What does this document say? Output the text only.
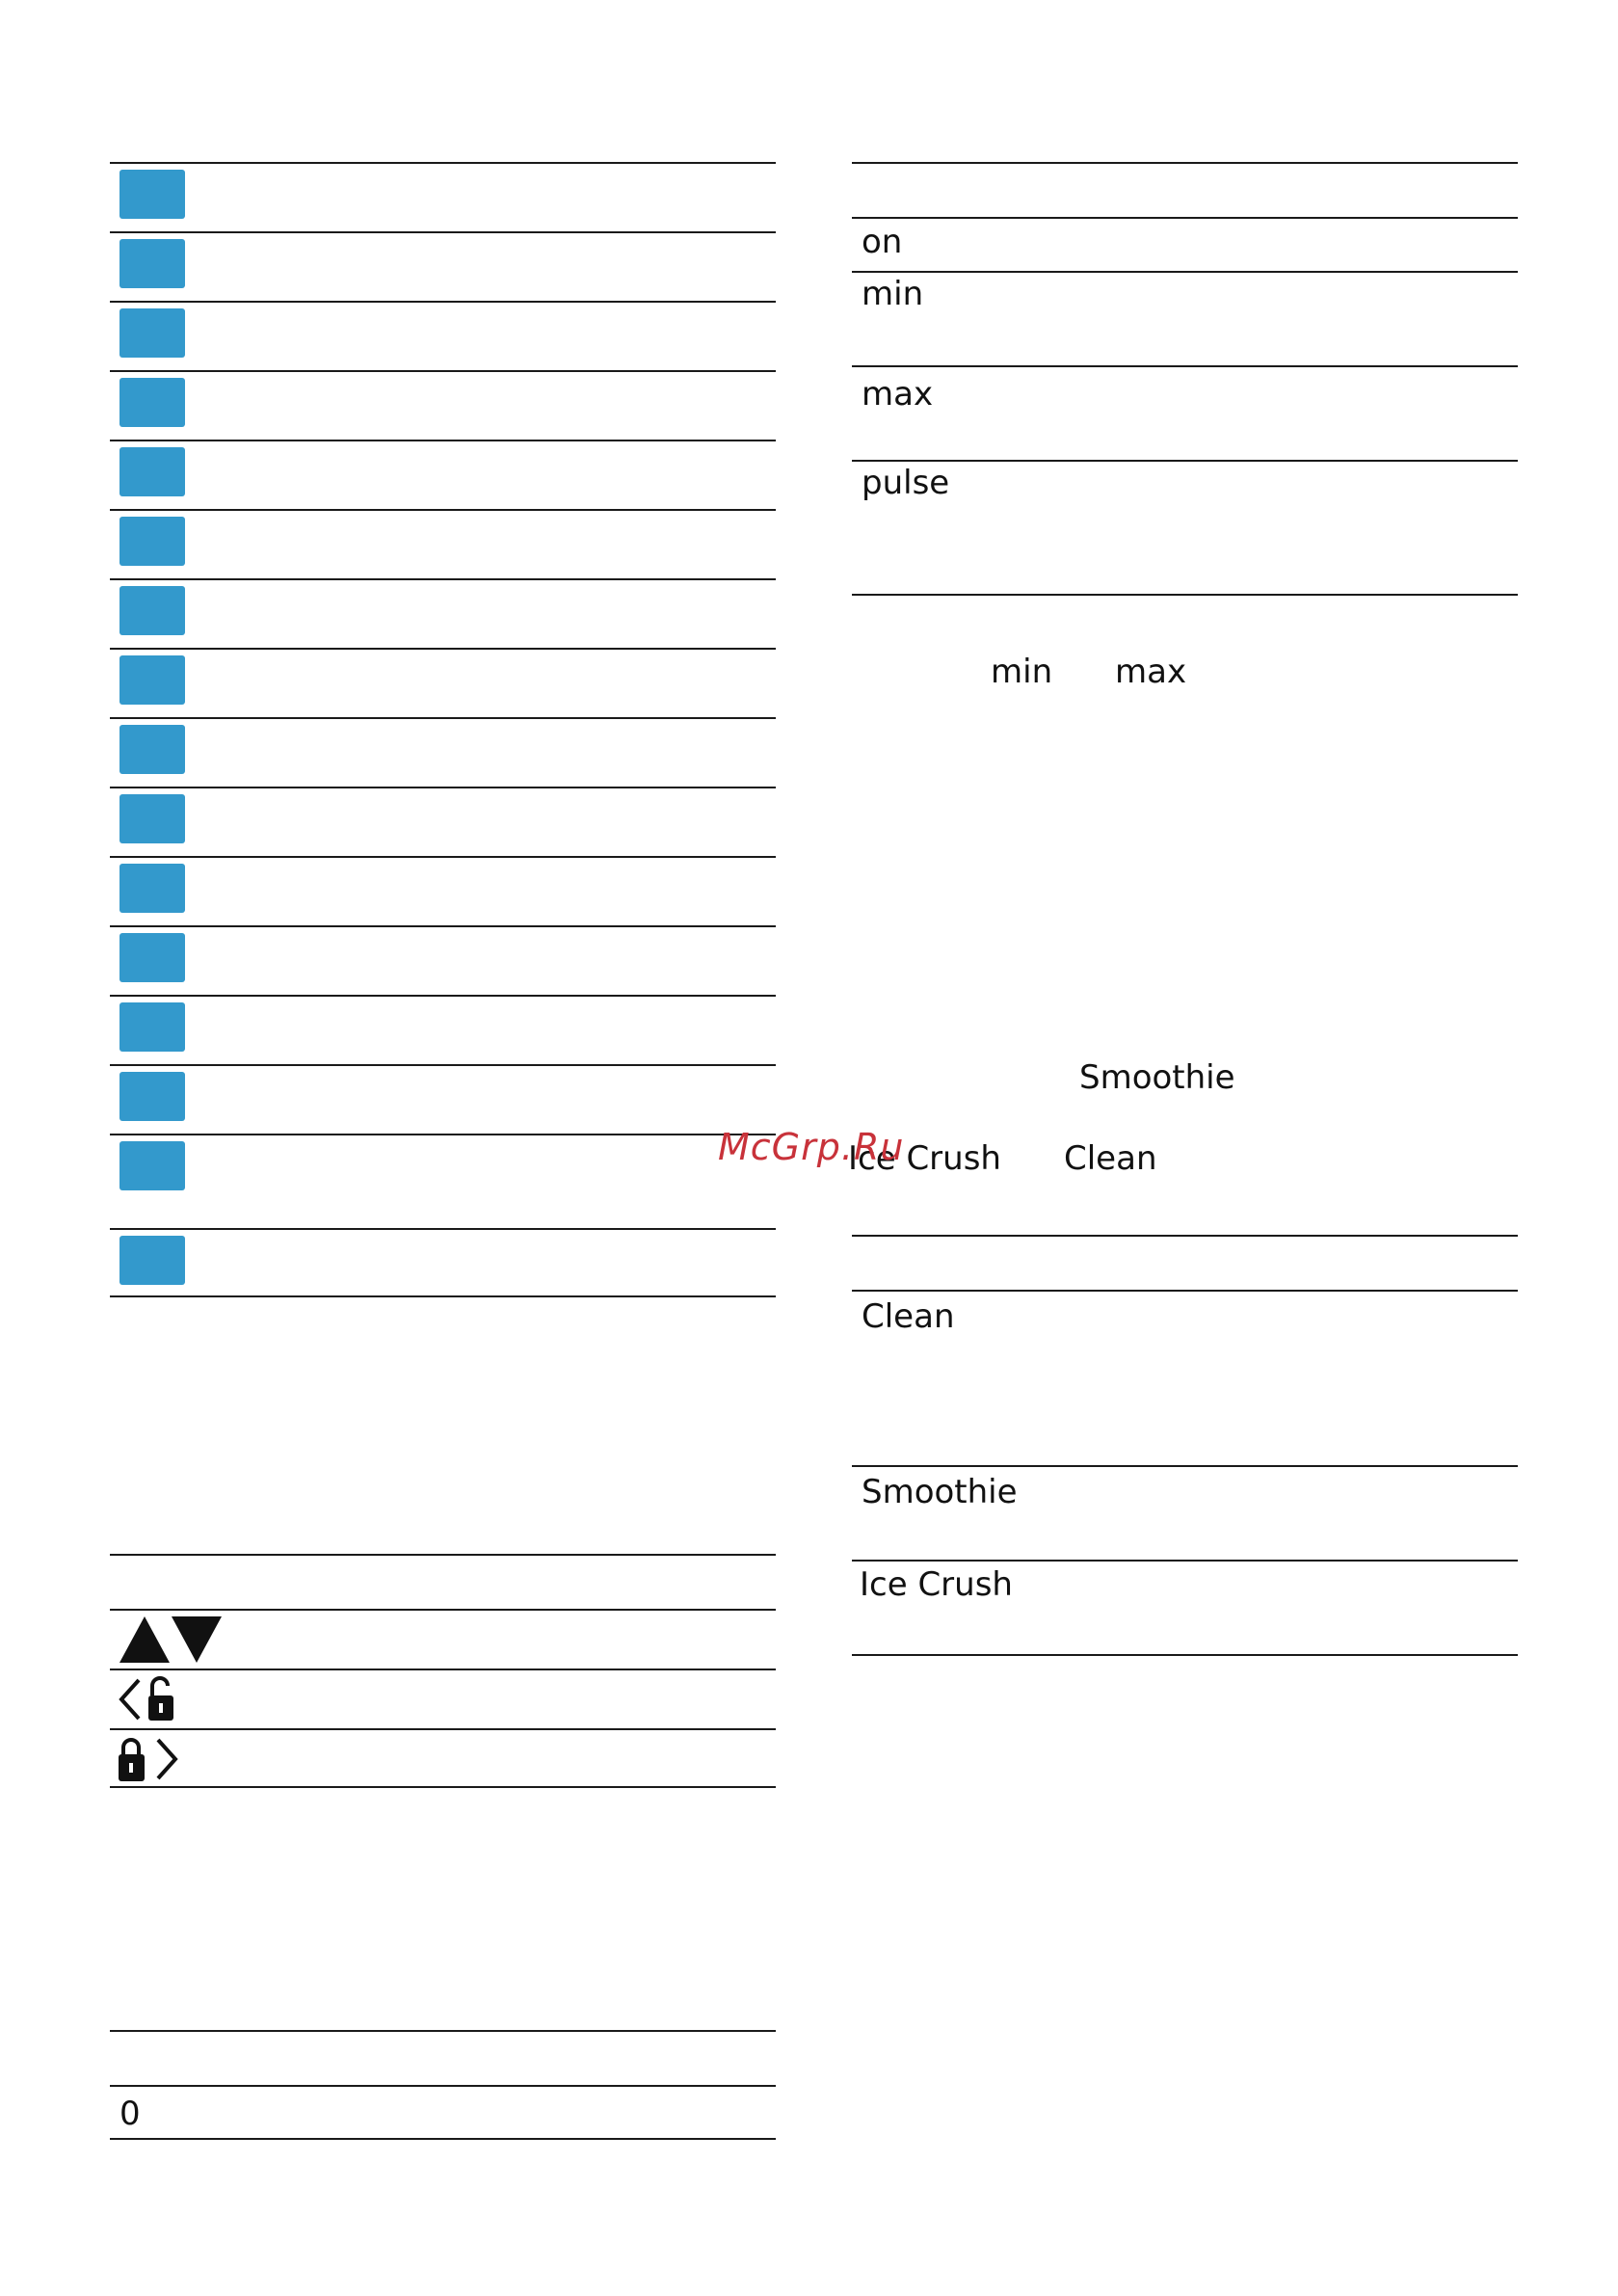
0
on
min
max
pulse
min max
Smoothie
Ice Crush Clean
Clean
Smoothie
Ice Crush
McGrp.Ru
